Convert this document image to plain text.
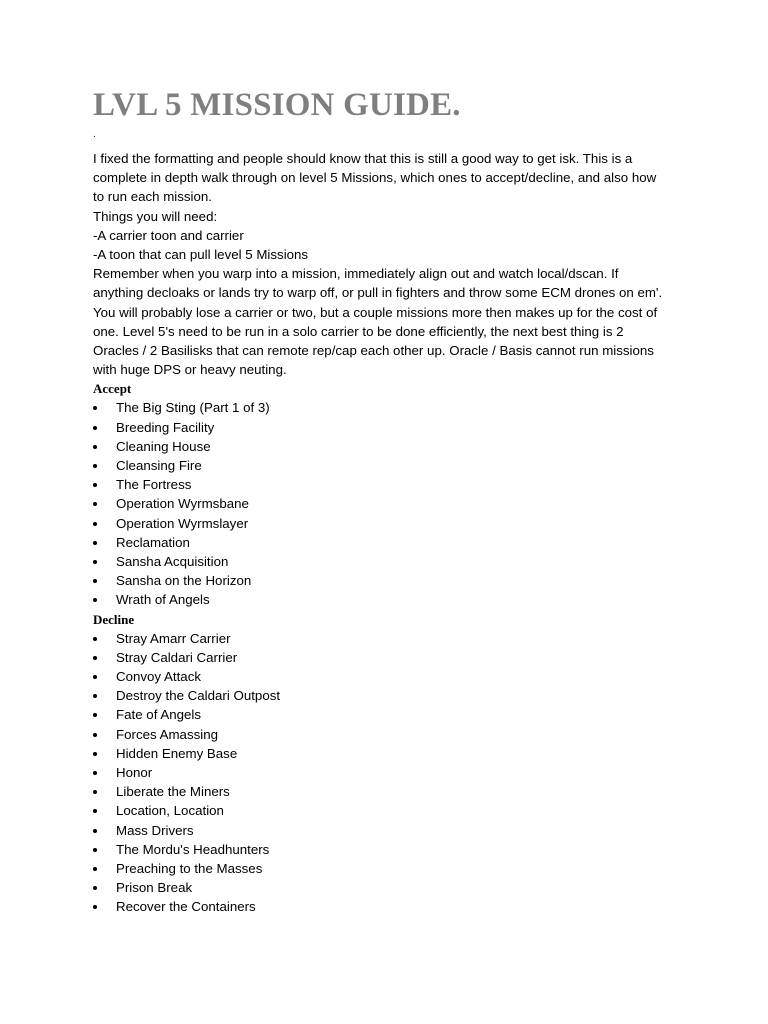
LVL 5 MISSION GUIDE.
.
I fixed the formatting and people should know that this is still a good way to get isk. This is a
complete in depth walk through on level 5 Missions, which ones to accept/decline, and also how
to run each mission.
Things you will need:
-A carrier toon and carrier
-A toon that can pull level 5 Missions
Remember when you warp into a mission, immediately align out and watch local/dscan. If
anything decloaks or lands try to warp off, or pull in fighters and throw some ECM drones on em'.
You will probably lose a carrier or two, but a couple missions more then makes up for the cost of
one. Level 5's need to be run in a solo carrier to be done efficiently, the next best thing is 2
Oracles / 2 Basilisks that can remote rep/cap each other up. Oracle / Basis cannot run missions
with huge DPS or heavy neuting.
Accept
The Big Sting (Part 1 of 3)
Breeding Facility
Cleaning House
Cleansing Fire
The Fortress
Operation Wyrmsbane
Operation Wyrmslayer
Reclamation
Sansha Acquisition
Sansha on the Horizon
Wrath of Angels
Decline
Stray Amarr Carrier
Stray Caldari Carrier
Convoy Attack
Destroy the Caldari Outpost
Fate of Angels
Forces Amassing
Hidden Enemy Base
Honor
Liberate the Miners
Location, Location
Mass Drivers
The Mordu's Headhunters
Preaching to the Masses
Prison Break
Recover the Containers
